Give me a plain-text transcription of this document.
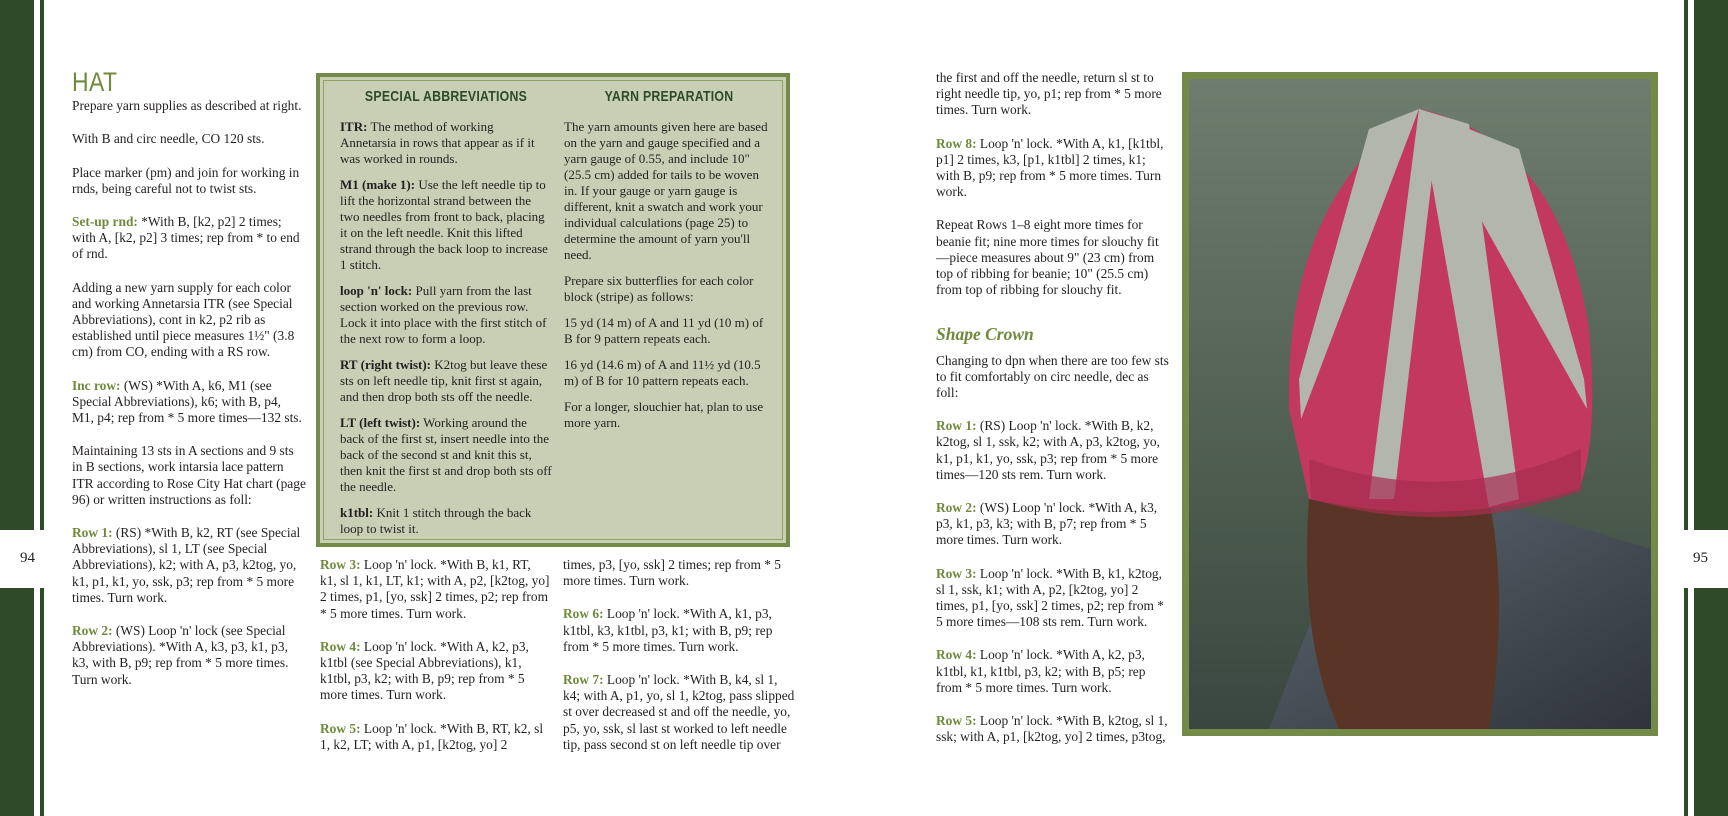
94	95
HAT

Prepare yarn supplies as described at right.

With B and circ needle, CO 120 sts.

Place marker (pm) and join for working in rnds, being careful not to twist sts.

Set-up rnd: *With B, [k2, p2] 2 times; with A, [k2, p2] 3 times; rep from * to end of rnd.

Adding a new yarn supply for each color and working Annetarsia ITR (see Special Abbreviations), cont in k2, p2 rib as established until piece measures 1½" (3.8 cm) from CO, ending with a RS row.

Inc row: (WS) *With A, k6, M1 (see Special Abbreviations), k6; with B, p4, M1, p4; rep from * 5 more times—132 sts.

Maintaining 13 sts in A sections and 9 sts in B sections, work intarsia lace pattern ITR according to Rose City Hat chart (page 96) or written instructions as foll:

Row 1: (RS) *With B, k2, RT (see Special Abbreviations), sl 1, LT (see Special Abbreviations), k2; with A, p3, k2tog, yo, k1, p1, k1, yo, ssk, p3; rep from * 5 more times. Turn work.

Row 2: (WS) Loop 'n' lock (see Special Abbreviations). *With A, k3, p3, k1, p3, k3, with B, p9; rep from * 5 more times. Turn work.

SPECIAL ABBREVIATIONS

ITR: The method of working Annetarsia in rows that appear as if it was worked in rounds.

M1 (make 1): Use the left needle tip to lift the horizontal strand between the two needles from front to back, placing it on the left needle. Knit this lifted strand through the back loop to increase 1 stitch.

loop 'n' lock: Pull yarn from the last section worked on the previous row. Lock it into place with the first stitch of the next row to form a loop.

RT (right twist): K2tog but leave these sts on left needle tip, knit first st again, and then drop both sts off the needle.

LT (left twist): Working around the back of the first st, insert needle into the back of the second st and knit this st, then knit the first st and drop both sts off the needle.

k1tbl: Knit 1 stitch through the back loop to twist it.

YARN PREPARATION

The yarn amounts given here are based on the yarn and gauge specified and a yarn gauge of 0.55, and include 10" (25.5 cm) added for tails to be woven in. If your gauge or yarn gauge is different, knit a swatch and work your individual calculations (page 25) to determine the amount of yarn you'll need.

Prepare six butterflies for each color block (stripe) as follows:

15 yd (14 m) of A and 11 yd (10 m) of B for 9 pattern repeats each.

16 yd (14.6 m) of A and 11½ yd (10.5 m) of B for 10 pattern repeats each.

For a longer, slouchier hat, plan to use more yarn.

Row 3: Loop 'n' lock. *With B, k1, RT, k1, sl 1, k1, LT, k1; with A, p2, [k2tog, yo] 2 times, p1, [yo, ssk] 2 times, p2; rep from * 5 more times. Turn work.

Row 4: Loop 'n' lock. *With A, k2, p3, k1tbl (see Special Abbreviations), k1, k1tbl, p3, k2; with B, p9; rep from * 5 more times. Turn work.

Row 5: Loop 'n' lock. *With B, RT, k2, sl 1, k2, LT; with A, p1, [k2tog, yo] 2

times, p3, [yo, ssk] 2 times; rep from * 5 more times. Turn work.

Row 6: Loop 'n' lock. *With A, k1, p3, k1tbl, k3, k1tbl, p3, k1; with B, p9; rep from * 5 more times. Turn work.

Row 7: Loop 'n' lock. *With B, k4, sl 1, k4; with A, p1, yo, sl 1, k2tog, pass slipped st over decreased st and off the needle, yo, p5, yo, ssk, sl last st worked to left needle tip, pass second st on left needle tip over

the first and off the needle, return sl st to right needle tip, yo, p1; rep from * 5 more times. Turn work.

Row 8: Loop 'n' lock. *With A, k1, [k1tbl, p1] 2 times, k3, [p1, k1tbl] 2 times, k1; with B, p9; rep from * 5 more times. Turn work.

Repeat Rows 1–8 eight more times for beanie fit; nine more times for slouchy fit—piece measures about 9" (23 cm) from top of ribbing for beanie; 10" (25.5 cm) from top of ribbing for slouchy fit.

Shape Crown

Changing to dpn when there are too few sts to fit comfortably on circ needle, dec as foll:

Row 1: (RS) Loop 'n' lock. *With B, k2, k2tog, sl 1, ssk, k2; with A, p3, k2tog, yo, k1, p1, k1, yo, ssk, p3; rep from * 5 more times—120 sts rem. Turn work.

Row 2: (WS) Loop 'n' lock. *With A, k3, p3, k1, p3, k3; with B, p7; rep from * 5 more times. Turn work.

Row 3: Loop 'n' lock. *With B, k1, k2tog, sl 1, ssk, k1; with A, p2, [k2tog, yo] 2 times, p1, [yo, ssk] 2 times, p2; rep from * 5 more times—108 sts rem. Turn work.

Row 4: Loop 'n' lock. *With A, k2, p3, k1tbl, k1, k1tbl, p3, k2; with B, p5; rep from * 5 more times. Turn work.

Row 5: Loop 'n' lock. *With B, k2tog, sl 1, ssk; with A, p1, [k2tog, yo] 2 times, p3tog,
